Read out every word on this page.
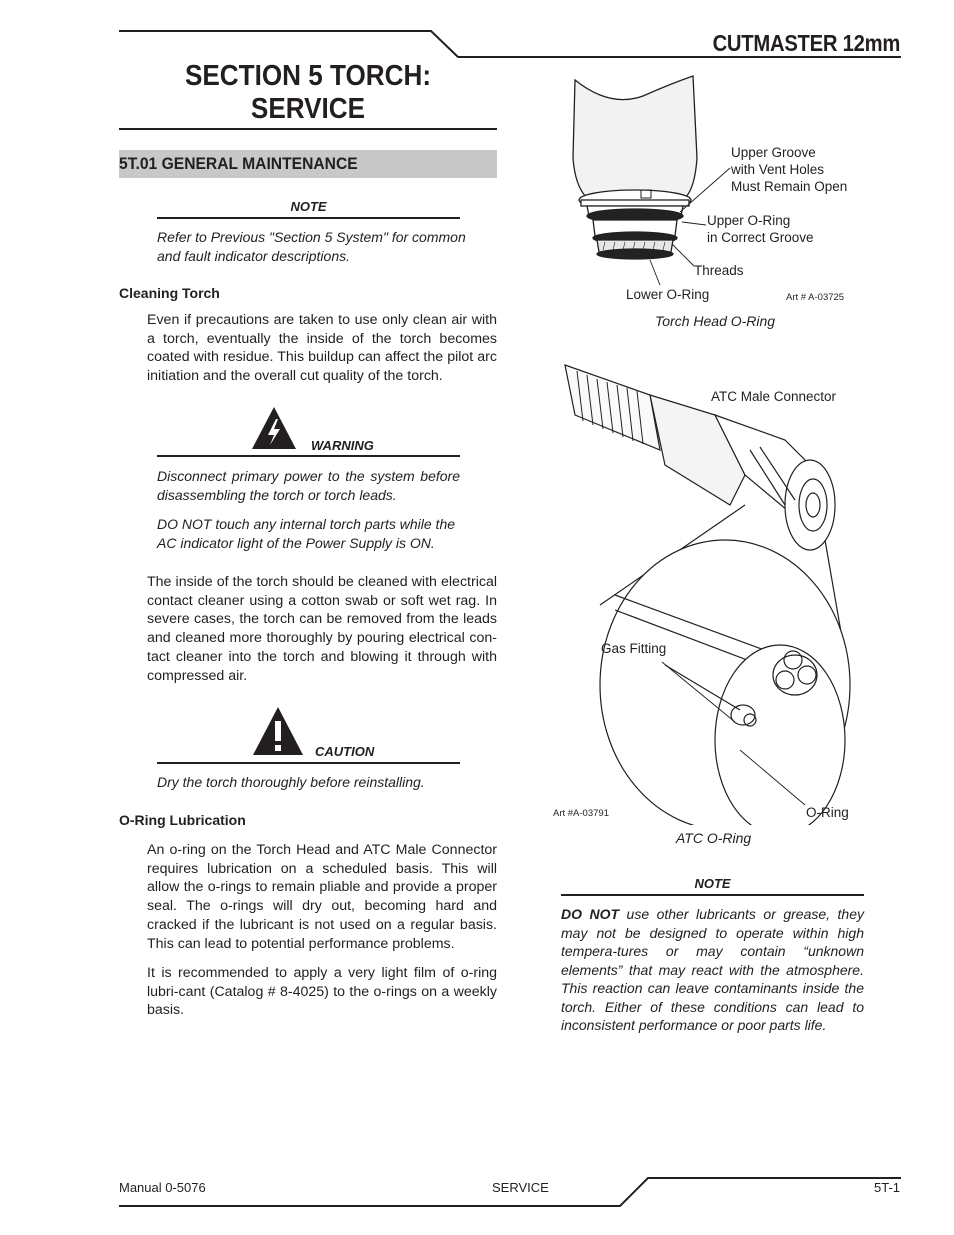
CUTMASTER 12mm
SECTION 5 TORCH:
SERVICE
5T.01 GENERAL MAINTENANCE
NOTE
Refer to Previous "Section 5 System" for common
and fault indicator descriptions.
Cleaning Torch

Even if precautions are taken to use only clean air with a torch, eventually the inside of the torch becomes coated with residue. This buildup can affect the pilot arc initiation and the overall cut quality of the torch.

WARNING
Disconnect primary power to the system before disassembling the torch or torch leads.
DO NOT touch any internal torch parts while the AC indicator light of the Power Supply is ON.

The inside of the torch should be cleaned with electrical contact cleaner using a cotton swab or soft wet rag. In severe cases, the torch can be removed from the leads and cleaned more thoroughly by pouring electrical con-tact cleaner into the torch and blowing it through with compressed air.

CAUTION
Dry the torch thoroughly before reinstalling.
O-Ring Lubrication

An o-ring on the Torch Head and ATC Male Connector requires lubrication on a scheduled basis. This will allow the o-rings to remain pliable and provide a proper seal. The o-rings will dry out, becoming hard and cracked if the lubricant is not used on a regular basis. This can lead to potential performance problems.

It is recommended to apply a very light film of o-ring lubri-cant (Catalog # 8-4025) to the o-rings on a weekly basis.

Upper Groove
with Vent Holes
Must Remain Open
Upper O-Ring
in Correct Groove
Threads
Lower O-Ring	Art # A-03725
Torch Head O-Ring
ATC Male Connector
Gas Fitting
O-Ring
Art #A-03791
ATC O-Ring
NOTE
DO NOT use other lubricants or grease, they may not be designed to operate within high tempera-tures or may contain “unknown elements” that may react with the atmosphere. This reaction can leave contaminants inside the torch. Either of these conditions can lead to inconsistent performance or poor parts life.
Manual 0-5076	SERVICE	5T-1
